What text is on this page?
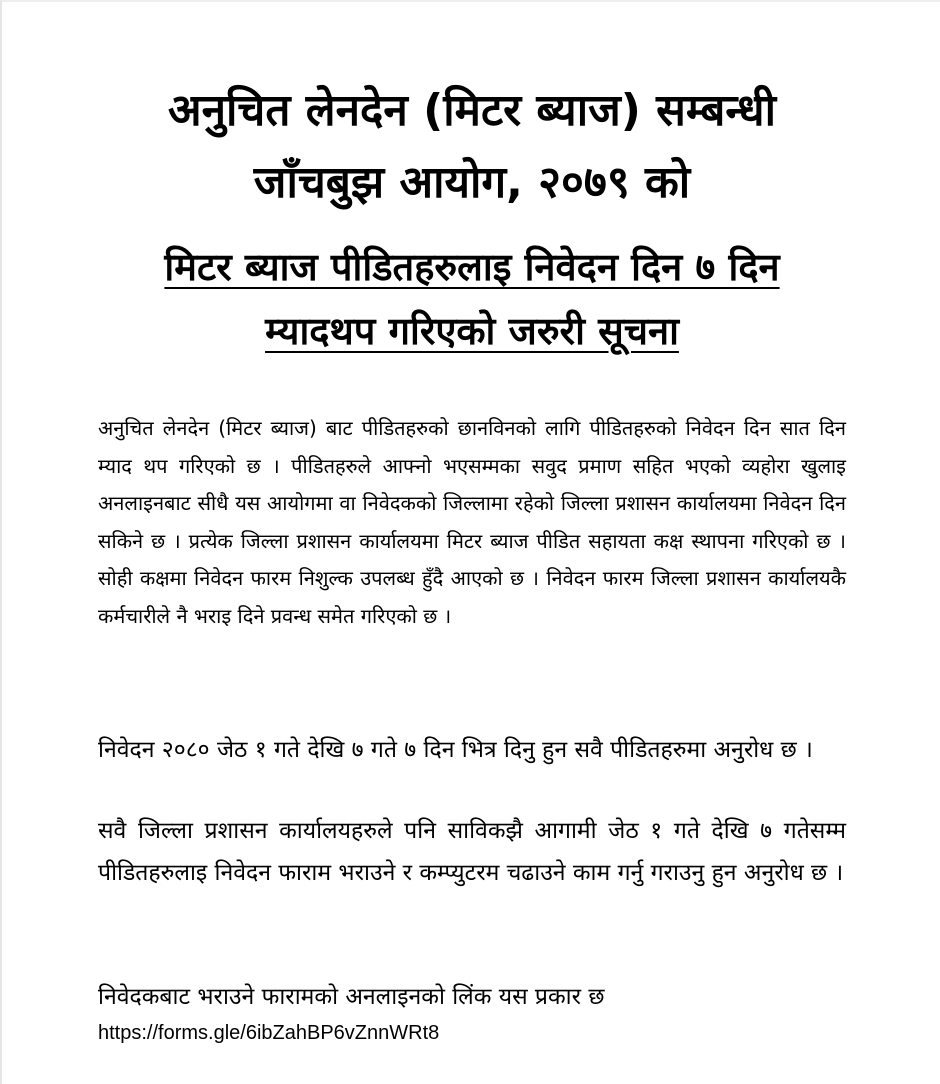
अनुचित लेनदेन (मिटर ब्याज) सम्बन्धी
जाँचबुझ आयोग, २०७९ को
मिटर ब्याज पीडितहरुलाइ निवेदन दिन ७ दिन
म्यादथप गरिएको जरुरी सूचना

अनुचित लेनदेन (मिटर ब्याज) बाट पीडितहरुको छानविनको लागि पीडितहरुको निवेदन दिन सात दिन म्याद थप गरिएको छ । पीडितहरुले आफ्नो भएसम्मका सवुद प्रमाण सहित भएको व्यहोरा खुलाइ अनलाइनबाट सीधै यस आयोगमा वा निवेदकको जिल्लामा रहेको जिल्ला प्रशासन कार्यालयमा निवेदन दिन सकिने छ । प्रत्येक जिल्ला प्रशासन कार्यालयमा मिटर ब्याज पीडित सहायता कक्ष स्थापना गरिएको छ । सोही कक्षमा निवेदन फारम निशुल्क उपलब्ध हुँदै आएको छ । निवेदन फारम जिल्ला प्रशासन कार्यालयकै कर्मचारीले नै भराइ दिने प्रवन्ध समेत गरिएको छ ।

निवेदन २०८० जेठ १ गते देखि ७ गते ७ दिन भित्र दिनु हुन सवै पीडितहरुमा अनुरोध छ ।

सवै जिल्ला प्रशासन कार्यालयहरुले पनि साविकझै आगामी जेठ १ गते देखि ७ गतेसम्म पीडितहरुलाइ निवेदन फाराम भराउने र कम्प्युटरम चढाउने काम गर्नु गराउनु हुन अनुरोध छ ।

निवेदकबाट भराउने फारामको अनलाइनको लिंक यस प्रकार छ

https://forms.gle/6ibZahBP6vZnnWRt8
